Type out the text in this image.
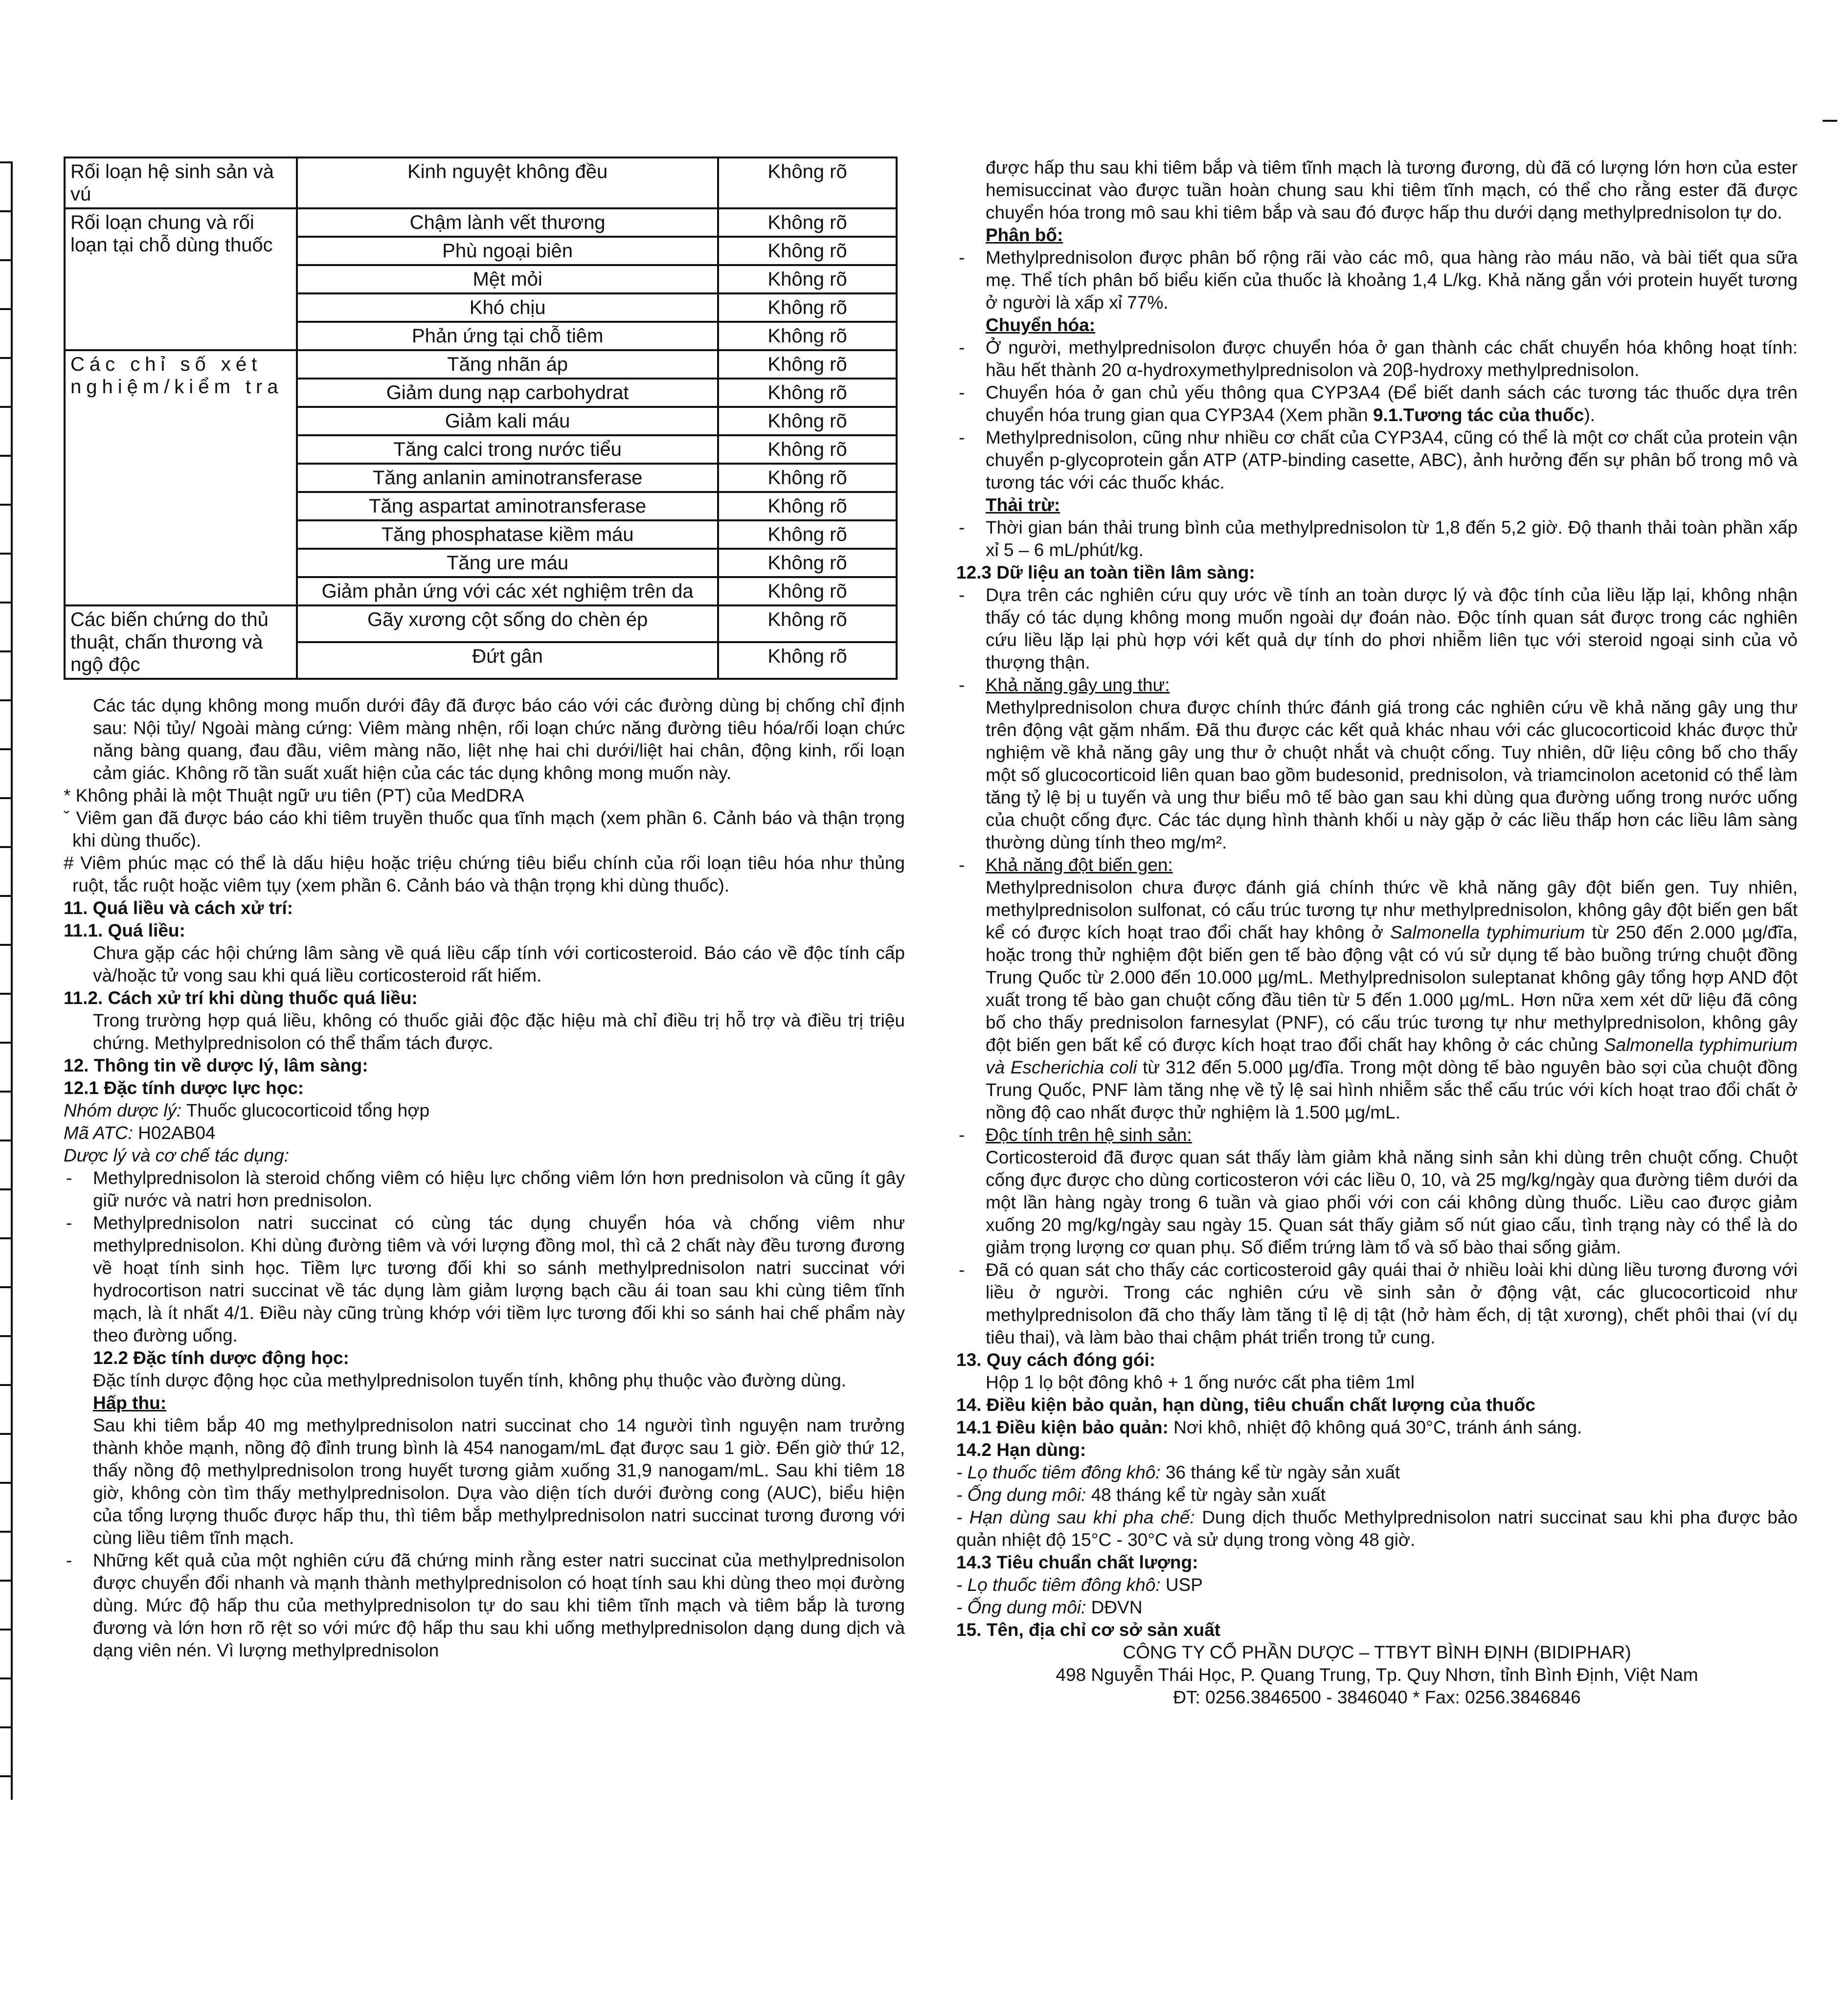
Rối loạn hệ sinh sản và vú	Kinh nguyệt không đều	Không rõ
Rối loạn chung và rối loạn tại chỗ dùng thuốc	Chậm lành vết thương	Không rõ
	Phù ngoại biên	Không rõ
	Mệt mỏi	Không rõ
	Khó chịu	Không rõ
	Phản ứng tại chỗ tiêm	Không rõ
Các chỉ số xét nghiệm/kiểm tra	Tăng nhãn áp	Không rõ
	Giảm dung nạp carbohydrat	Không rõ
	Giảm kali máu	Không rõ
	Tăng calci trong nước tiểu	Không rõ
	Tăng anlanin aminotransferase	Không rõ
	Tăng aspartat aminotransferase	Không rõ
	Tăng phosphatase kiềm máu	Không rõ
	Tăng ure máu	Không rõ
	Giảm phản ứng với các xét nghiệm trên da	Không rõ
Các biến chứng do thủ thuật, chấn thương và ngộ độc	Gãy xương cột sống do chèn ép	Không rõ
	Đứt gân	Không rõ

Các tác dụng không mong muốn dưới đây đã được báo cáo với các đường dùng bị chống chỉ định sau: Nội tủy/ Ngoài màng cứng: Viêm màng nhện, rối loạn chức năng đường tiêu hóa/rối loạn chức năng bàng quang, đau đầu, viêm màng não, liệt nhẹ hai chi dưới/liệt hai chân, động kinh, rối loạn cảm giác. Không rõ tần suất xuất hiện của các tác dụng không mong muốn này.

* Không phải là một Thuật ngữ ưu tiên (PT) của MedDRA

ˇ Viêm gan đã được báo cáo khi tiêm truyền thuốc qua tĩnh mạch (xem phần 6. Cảnh báo và thận trọng khi dùng thuốc).

# Viêm phúc mạc có thể là dấu hiệu hoặc triệu chứng tiêu biểu chính của rối loạn tiêu hóa như thủng ruột, tắc ruột hoặc viêm tụy (xem phần 6. Cảnh báo và thận trọng khi dùng thuốc).

11. Quá liều và cách xử trí:

11.1. Quá liều:

Chưa gặp các hội chứng lâm sàng về quá liều cấp tính với corticosteroid. Báo cáo về độc tính cấp và/hoặc tử vong sau khi quá liều corticosteroid rất hiếm.

11.2. Cách xử trí khi dùng thuốc quá liều:

Trong trường hợp quá liều, không có thuốc giải độc đặc hiệu mà chỉ điều trị hỗ trợ và điều trị triệu chứng. Methylprednisolon có thể thẩm tách được.

12. Thông tin về dược lý, lâm sàng:

12.1 Đặc tính dược lực học:

Nhóm dược lý: Thuốc glucocorticoid tổng hợp

Mã ATC: H02AB04

Dược lý và cơ chế tác dụng:

- Methylprednisolon là steroid chống viêm có hiệu lực chống viêm lớn hơn prednisolon và cũng ít gây giữ nước và natri hơn prednisolon.

- Methylprednisolon natri succinat có cùng tác dụng chuyển hóa và chống viêm như methylprednisolon. Khi dùng đường tiêm và với lượng đồng mol, thì cả 2 chất này đều tương đương về hoạt tính sinh học. Tiềm lực tương đối khi so sánh methylprednisolon natri succinat với hydrocortison natri succinat về tác dụng làm giảm lượng bạch cầu ái toan sau khi cùng tiêm tĩnh mạch, là ít nhất 4/1. Điều này cũng trùng khớp với tiềm lực tương đối khi so sánh hai chế phẩm này theo đường uống.

12.2 Đặc tính dược động học:

Đặc tính dược động học của methylprednisolon tuyến tính, không phụ thuộc vào đường dùng.

Hấp thu:

Sau khi tiêm bắp 40 mg methylprednisolon natri succinat cho 14 người tình nguyện nam trưởng thành khỏe mạnh, nồng độ đỉnh trung bình là 454 nanogam/mL đạt được sau 1 giờ. Đến giờ thứ 12, thấy nồng độ methylprednisolon trong huyết tương giảm xuống 31,9 nanogam/mL. Sau khi tiêm 18 giờ, không còn tìm thấy methylprednisolon. Dựa vào diện tích dưới đường cong (AUC), biểu hiện của tổng lượng thuốc được hấp thu, thì tiêm bắp methylprednisolon natri succinat tương đương với cùng liều tiêm tĩnh mạch.

- Những kết quả của một nghiên cứu đã chứng minh rằng ester natri succinat của methylprednisolon được chuyển đổi nhanh và mạnh thành methylprednisolon có hoạt tính sau khi dùng theo mọi đường dùng. Mức độ hấp thu của methylprednisolon tự do sau khi tiêm tĩnh mạch và tiêm bắp là tương đương và lớn hơn rõ rệt so với mức độ hấp thu sau khi uống methylprednisolon dạng dung dịch và dạng viên nén. Vì lượng methylprednisolon

được hấp thu sau khi tiêm bắp và tiêm tĩnh mạch là tương đương, dù đã có lượng lớn hơn của ester hemisuccinat vào được tuần hoàn chung sau khi tiêm tĩnh mạch, có thể cho rằng ester đã được chuyển hóa trong mô sau khi tiêm bắp và sau đó được hấp thu dưới dạng methylprednisolon tự do.

Phân bố:

- Methylprednisolon được phân bố rộng rãi vào các mô, qua hàng rào máu não, và bài tiết qua sữa mẹ. Thể tích phân bố biểu kiến của thuốc là khoảng 1,4 L/kg. Khả năng gắn với protein huyết tương ở người là xấp xỉ 77%.

Chuyển hóa:

- Ở người, methylprednisolon được chuyển hóa ở gan thành các chất chuyển hóa không hoạt tính: hầu hết thành 20 α-hydroxymethylprednisolon và 20β-hydroxy methylprednisolon.

- Chuyển hóa ở gan chủ yếu thông qua CYP3A4 (Để biết danh sách các tương tác thuốc dựa trên chuyển hóa trung gian qua CYP3A4 (Xem phần 9.1.Tương tác của thuốc).

- Methylprednisolon, cũng như nhiều cơ chất của CYP3A4, cũng có thể là một cơ chất của protein vận chuyển p-glycoprotein gắn ATP (ATP-binding casette, ABC), ảnh hưởng đến sự phân bố trong mô và tương tác với các thuốc khác.

Thải trừ:

- Thời gian bán thải trung bình của methylprednisolon từ 1,8 đến 5,2 giờ. Độ thanh thải toàn phần xấp xỉ 5 – 6 mL/phút/kg.

12.3 Dữ liệu an toàn tiền lâm sàng:

- Dựa trên các nghiên cứu quy ước về tính an toàn dược lý và độc tính của liều lặp lại, không nhận thấy có tác dụng không mong muốn ngoài dự đoán nào. Độc tính quan sát được trong các nghiên cứu liều lặp lại phù hợp với kết quả dự tính do phơi nhiễm liên tục với steroid ngoại sinh của vỏ thượng thận.

- Khả năng gây ung thư:

Methylprednisolon chưa được chính thức đánh giá trong các nghiên cứu về khả năng gây ung thư trên động vật gặm nhấm. Đã thu được các kết quả khác nhau với các glucocorticoid khác được thử nghiệm về khả năng gây ung thư ở chuột nhắt và chuột cống. Tuy nhiên, dữ liệu công bố cho thấy một số glucocorticoid liên quan bao gồm budesonid, prednisolon, và triamcinolon acetonid có thể làm tăng tỷ lệ bị u tuyến và ung thư biểu mô tế bào gan sau khi dùng qua đường uống trong nước uống của chuột cống đực. Các tác dụng hình thành khối u này gặp ở các liều thấp hơn các liều lâm sàng thường dùng tính theo mg/m².

- Khả năng đột biến gen:

Methylprednisolon chưa được đánh giá chính thức về khả năng gây đột biến gen. Tuy nhiên, methylprednisolon sulfonat, có cấu trúc tương tự như methylprednisolon, không gây đột biến gen bất kể có được kích hoạt trao đổi chất hay không ở Salmonella typhimurium từ 250 đến 2.000 µg/đĩa, hoặc trong thử nghiệm đột biến gen tế bào động vật có vú sử dụng tế bào buồng trứng chuột đồng Trung Quốc từ 2.000 đến 10.000 µg/mL. Methylprednisolon suleptanat không gây tổng hợp AND đột xuất trong tế bào gan chuột cống đầu tiên từ 5 đến 1.000 µg/mL. Hơn nữa xem xét dữ liệu đã công bố cho thấy prednisolon farnesylat (PNF), có cấu trúc tương tự như methylprednisolon, không gây đột biến gen bất kể có được kích hoạt trao đổi chất hay không ở các chủng Salmonella typhimurium và Escherichia coli từ 312 đến 5.000 µg/đĩa. Trong một dòng tế bào nguyên bào sợi của chuột đồng Trung Quốc, PNF làm tăng nhẹ về tỷ lệ sai hình nhiễm sắc thể cấu trúc với kích hoạt trao đổi chất ở nồng độ cao nhất được thử nghiệm là 1.500 µg/mL.

- Độc tính trên hệ sinh sản:

Corticosteroid đã được quan sát thấy làm giảm khả năng sinh sản khi dùng trên chuột cống. Chuột cống đực được cho dùng corticosteron với các liều 0, 10, và 25 mg/kg/ngày qua đường tiêm dưới da một lần hàng ngày trong 6 tuần và giao phối với con cái không dùng thuốc. Liều cao được giảm xuống 20 mg/kg/ngày sau ngày 15. Quan sát thấy giảm số nút giao cấu, tình trạng này có thể là do giảm trọng lượng cơ quan phụ. Số điểm trứng làm tổ và số bào thai sống giảm.

- Đã có quan sát cho thấy các corticosteroid gây quái thai ở nhiều loài khi dùng liều tương đương với liều ở người. Trong các nghiên cứu về sinh sản ở động vật, các glucocorticoid như methylprednisolon đã cho thấy làm tăng tỉ lệ dị tật (hở hàm ếch, dị tật xương), chết phôi thai (ví dụ tiêu thai), và làm bào thai chậm phát triển trong tử cung.

13. Quy cách đóng gói:

Hộp 1 lọ bột đông khô + 1 ống nước cất pha tiêm 1ml

14. Điều kiện bảo quản, hạn dùng, tiêu chuẩn chất lượng của thuốc

14.1 Điều kiện bảo quản: Nơi khô, nhiệt độ không quá 30°C, tránh ánh sáng.

14.2 Hạn dùng:

- Lọ thuốc tiêm đông khô: 36 tháng kể từ ngày sản xuất

- Ống dung môi: 48 tháng kể từ ngày sản xuất

- Hạn dùng sau khi pha chế: Dung dịch thuốc Methylprednisolon natri succinat sau khi pha được bảo quản nhiệt độ 15°C - 30°C và sử dụng trong vòng 48 giờ.

14.3 Tiêu chuẩn chất lượng:

- Lọ thuốc tiêm đông khô: USP

- Ống dung môi: DĐVN

15. Tên, địa chỉ cơ sở sản xuất

CÔNG TY CỔ PHẦN DƯỢC – TTBYT BÌNH ĐỊNH (BIDIPHAR)

498 Nguyễn Thái Học, P. Quang Trung, Tp. Quy Nhơn, tỉnh Bình Định, Việt Nam

ĐT: 0256.3846500 - 3846040 * Fax: 0256.3846846
